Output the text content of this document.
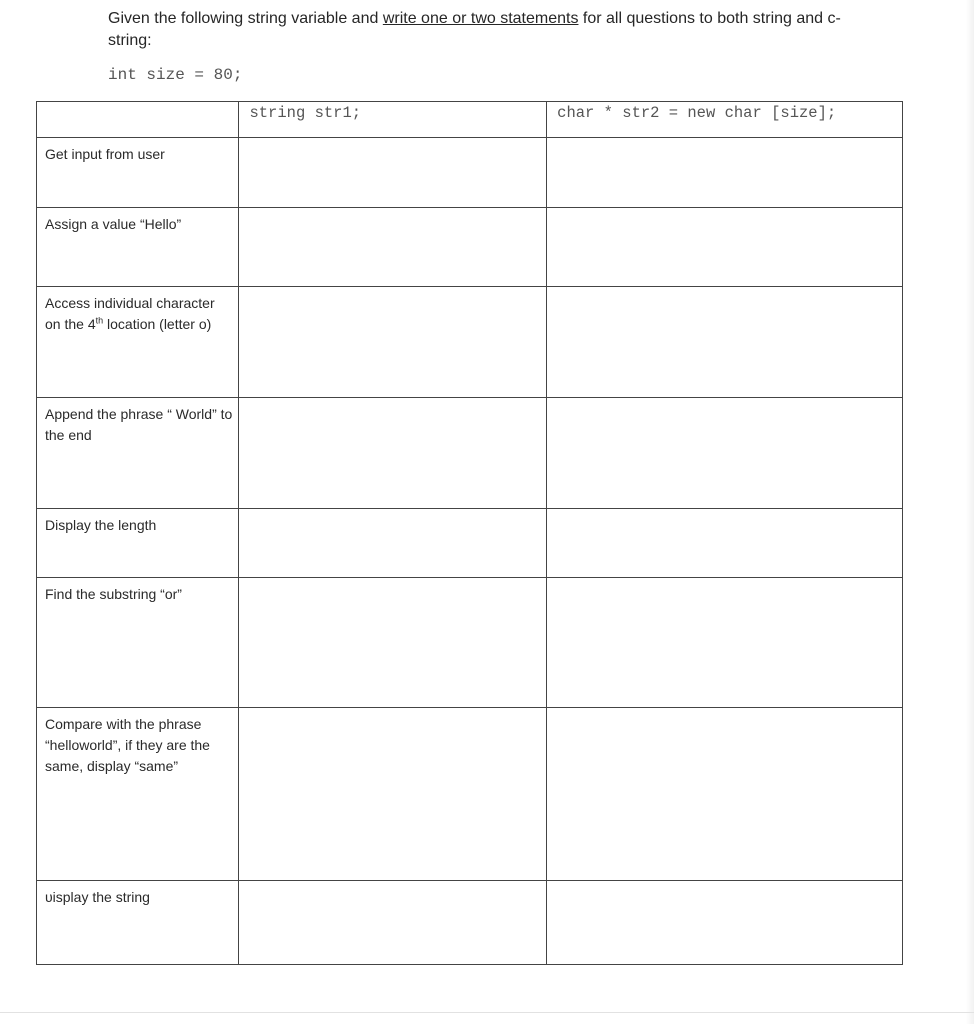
Given the following string variable and write one or two statements for all questions to both string and c-string:
int size = 80;
	string str1;	char * str2 = new char [size];
Get input from user		
Assign a value “Hello”		
Access individual character on the 4th location (letter o)		
Append the phrase “ World” to the end		
Display the length		
Find the substring “or”		
Compare with the phrase “helloworld”, if they are the same, display “same”		
ᴜisplay the string		
